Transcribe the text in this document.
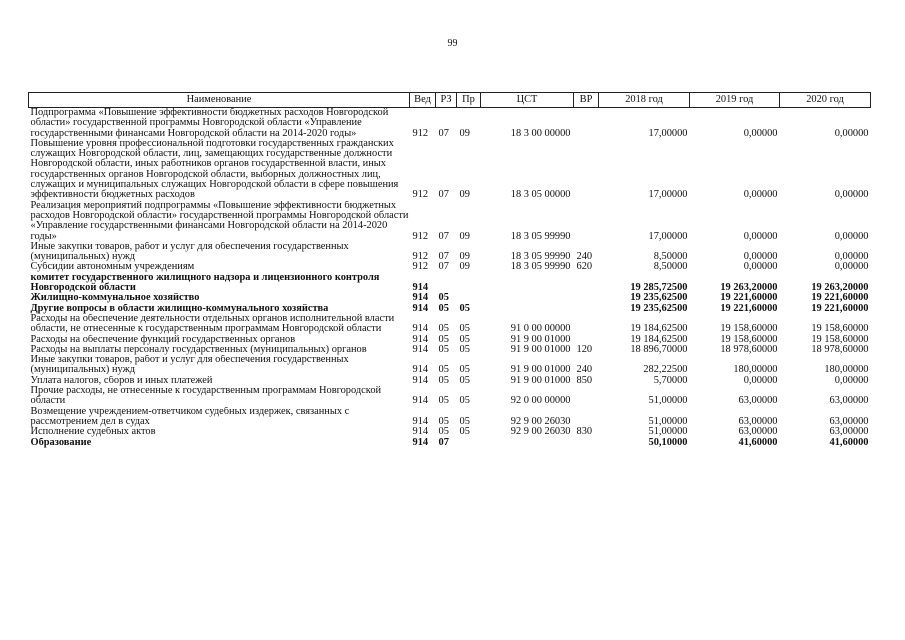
99
Наименование	Вед	РЗ	Пр	ЦСТ	ВР	2018 год	2019 год	2020 год
Подпрограмма «Повышение эффективности бюджетных расходов Новгородской области» государственной программы Новгородской области «Управление государственными финансами Новгородской области на 2014-2020 годы»	912	07	09	18 3 00 00000		17,00000	0,00000	0,00000
Повышение уровня профессиональной подготовки государственных гражданских служащих Новгородской области, лиц, замещающих государственные должности Новгородской области, иных работников органов государственной власти, иных государственных органов Новгородской области, выборных должностных лиц, служащих и муниципальных служащих Новгородской области в сфере повышения эффективности бюджетных расходов	912	07	09	18 3 05 00000		17,00000	0,00000	0,00000
Реализация мероприятий подпрограммы «Повышение эффективности бюджетных расходов Новгородской области» государственной программы Новгородской области «Управление государственными финансами Новгородской области на 2014-2020 годы»	912	07	09	18 3 05 99990		17,00000	0,00000	0,00000
Иные закупки товаров, работ и услуг для обеспечения государственных (муниципальных) нужд	912	07	09	18 3 05 99990	240	8,50000	0,00000	0,00000
Субсидии автономным учреждениям	912	07	09	18 3 05 99990	620	8,50000	0,00000	0,00000
комитет государственного жилищного надзора и лицензионного контроля Новгородской области	914					19 285,72500	19 263,20000	19 263,20000
Жилищно-коммунальное хозяйство	914	05				19 235,62500	19 221,60000	19 221,60000
Другие вопросы в области жилищно-коммунального хозяйства	914	05	05			19 235,62500	19 221,60000	19 221,60000
Расходы на обеспечение деятельности отдельных органов исполнительной власти области, не отнесенные к государственным программам Новгородской области	914	05	05	91 0 00 00000		19 184,62500	19 158,60000	19 158,60000
Расходы на обеспечение функций государственных органов	914	05	05	91 9 00 01000		19 184,62500	19 158,60000	19 158,60000
Расходы на выплаты персоналу государственных (муниципальных) органов	914	05	05	91 9 00 01000	120	18 896,70000	18 978,60000	18 978,60000
Иные закупки товаров, работ и услуг для обеспечения государственных (муниципальных) нужд	914	05	05	91 9 00 01000	240	282,22500	180,00000	180,00000
Уплата налогов, сборов и иных платежей	914	05	05	91 9 00 01000	850	5,70000	0,00000	0,00000
Прочие расходы, не отнесенные к государственным программам Новгородской области	914	05	05	92 0 00 00000		51,00000	63,00000	63,00000
Возмещение учреждением-ответчиком судебных издержек, связанных с рассмотрением дел в судах	914	05	05	92 9 00 26030		51,00000	63,00000	63,00000
Исполнение судебных актов	914	05	05	92 9 00 26030	830	51,00000	63,00000	63,00000
Образование	914	07				50,10000	41,60000	41,60000
